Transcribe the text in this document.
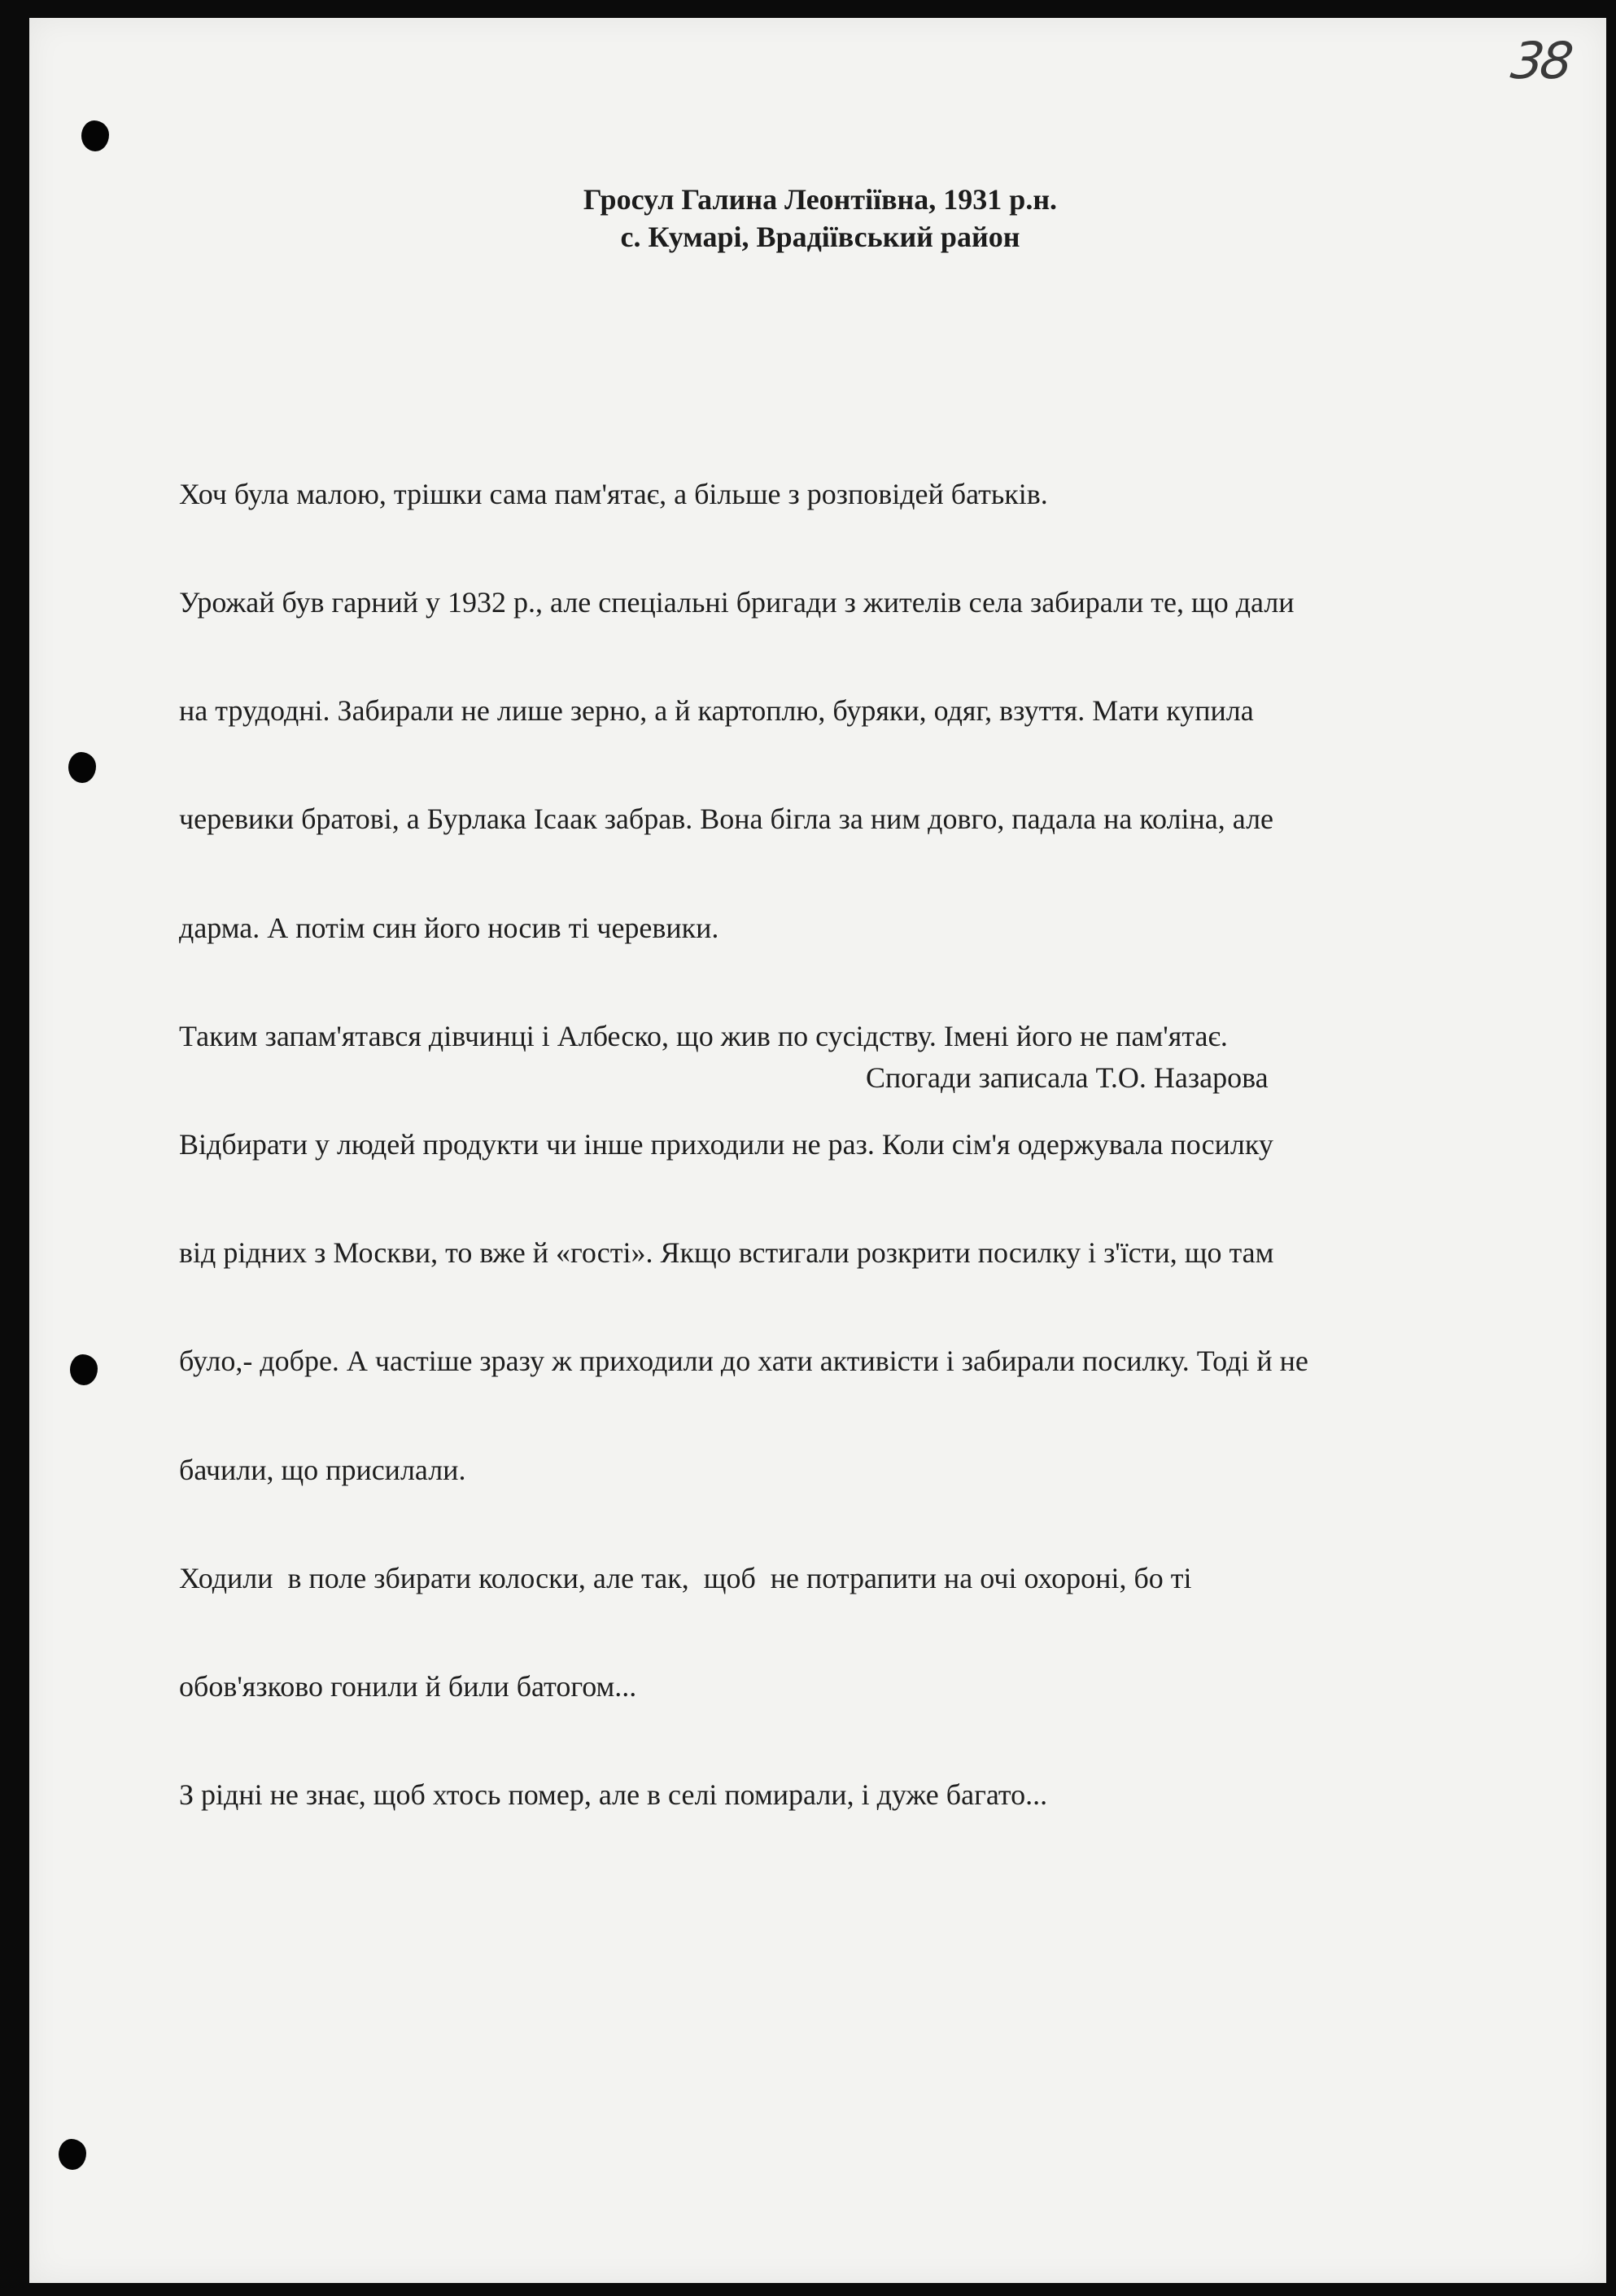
38
Гросул Галина Леонтіївна, 1931 р.н.
с. Кумарі, Врадіївський район

Хоч була малою, трішки сама пам'ятає, а більше з розповідей батьків.

Урожай був гарний у 1932 р., але спеціальні бригади з жителів села забирали те, що дали

на трудодні. Забирали не лише зерно, а й картоплю, буряки, одяг, взуття. Мати купила

черевики братові, а Бурлака Ісаак забрав. Вона бігла за ним довго, падала на коліна, але

дарма. А потім син його носив ті черевики.

Таким запам'ятався дівчинці і Албеско, що жив по сусідству. Імені його не пам'ятає.

Відбирати у людей продукти чи інше приходили не раз. Коли сім'я одержувала посилку

від рідних з Москви, то вже й «гості». Якщо встигали розкрити посилку і з'їсти, що там

було,- добре. А частіше зразу ж приходили до хати активісти і забирали посилку. Тоді й не

бачили, що присилали.

Ходили  в поле збирати колоски, але так,  щоб  не потрапити на очі охороні, бо ті

обов'язково гонили й били батогом...

З рідні не знає, щоб хтось помер, але в селі помирали, і дуже багато...

Спогади записала Т.О. Назарова
